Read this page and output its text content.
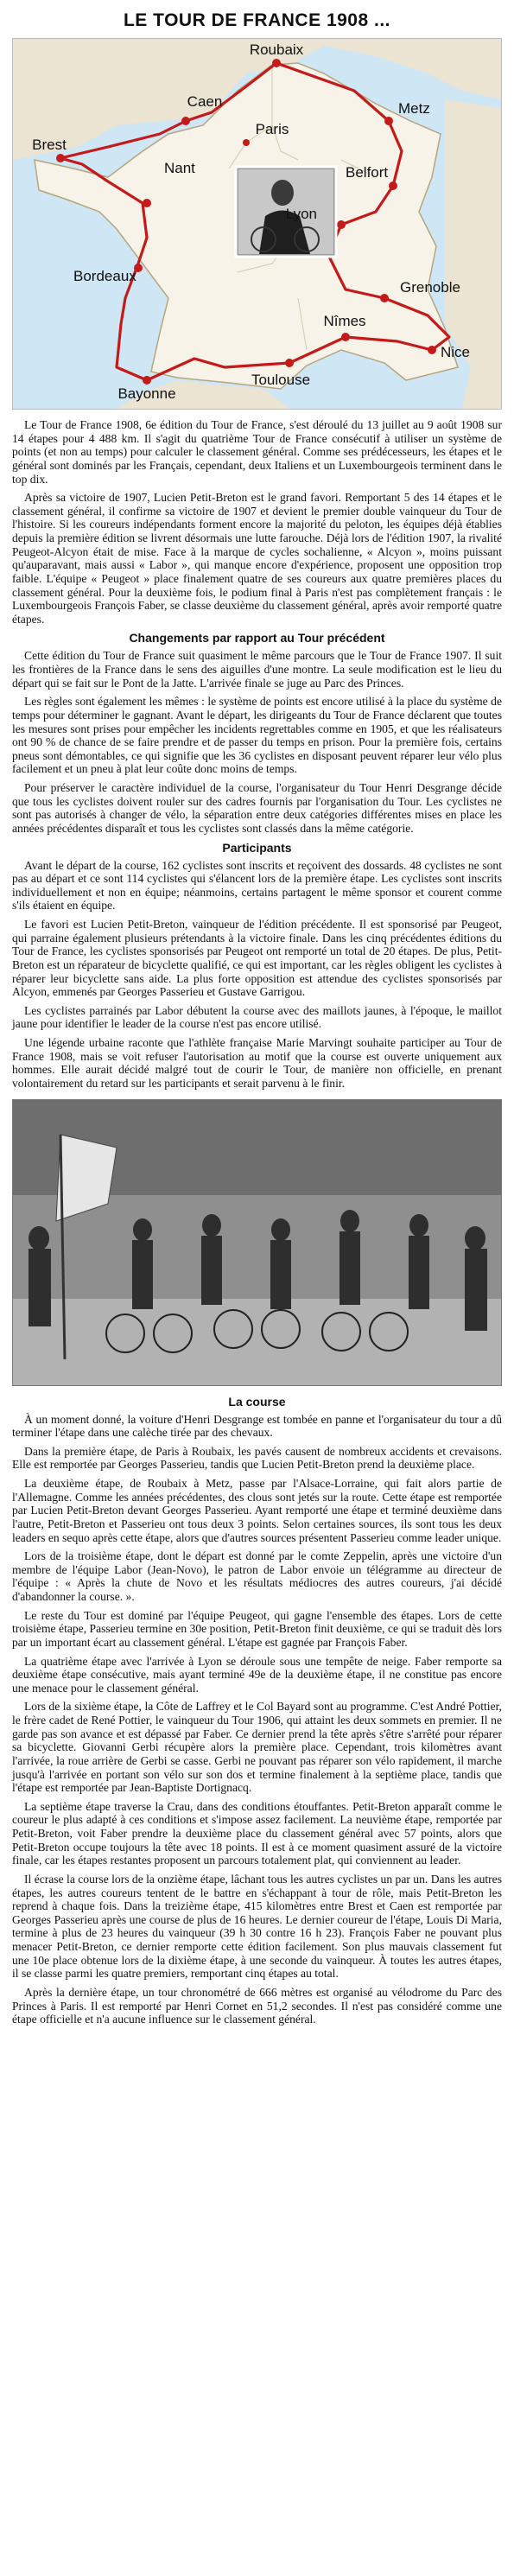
LE TOUR DE FRANCE 1908 ...
Roubaix
Caen
Brest
Paris
Metz
Nant	Belfort
Lyon
Grenoble
Bordeaux
Nîmes
Nice
Toulouse
Bayonne

Le Tour de France 1908, 6e édition du Tour de France, s'est déroulé du 13 juillet au 9 août 1908 sur 14 étapes pour 4 488 km. Il s'agit du quatrième Tour de France consécutif à utiliser un système de points (et non au temps) pour calculer le classement général. Comme ses prédécesseurs, les étapes et le général sont dominés par les Français, cependant, deux Italiens et un Luxembourgeois terminent dans le top dix.

Après sa victoire de 1907, Lucien Petit-Breton est le grand favori. Remportant 5 des 14 étapes et le classement général, il confirme sa victoire de 1907 et devient le premier double vainqueur du Tour de l'histoire. Si les coureurs indépendants forment encore la majorité du peloton, les équipes déjà établies depuis la première édition se livrent désormais une lutte farouche. Déjà lors de l'édition 1907, la rivalité Peugeot-Alcyon était de mise. Face à la marque de cycles sochalienne, « Alcyon », moins puissant qu'auparavant, mais aussi « Labor », qui manque encore d'expérience, proposent une opposition trop faible. L'équipe « Peugeot » place finalement quatre de ses coureurs aux quatre premières places du classement général. Pour la deuxième fois, le podium final à Paris n'est pas complètement français : le Luxembourgeois François Faber, se classe deuxième du classement général, après avoir remporté quatre étapes.

Changements par rapport au Tour précédent

Cette édition du Tour de France suit quasiment le même parcours que le Tour de France 1907. Il suit les frontières de la France dans le sens des aiguilles d'une montre. La seule modification est le lieu du départ qui se fait sur le Pont de la Jatte. L'arrivée finale se juge au Parc des Princes.

Les règles sont également les mêmes : le système de points est encore utilisé à la place du système de temps pour déterminer le gagnant. Avant le départ, les dirigeants du Tour de France déclarent que toutes les mesures sont prises pour empêcher les incidents regrettables comme en 1905, et que les réalisateurs ont 90 % de chance de se faire prendre et de passer du temps en prison. Pour la première fois, certains pneus sont démontables, ce qui signifie que les 36 cyclistes en disposant peuvent réparer leur vélo plus facilement et un pneu à plat leur coûte donc moins de temps.

Pour préserver le caractère individuel de la course, l'organisateur du Tour Henri Desgrange décide que tous les cyclistes doivent rouler sur des cadres fournis par l'organisation du Tour. Les cyclistes ne sont pas autorisés à changer de vélo, la séparation entre deux catégories différentes mises en place les années précédentes disparaît et tous les cyclistes sont classés dans la même catégorie.

Participants

Avant le départ de la course, 162 cyclistes sont inscrits et reçoivent des dossards. 48 cyclistes ne sont pas au départ et ce sont 114 cyclistes qui s'élancent lors de la première étape. Les cyclistes sont inscrits individuellement et non en équipe; néanmoins, certains partagent le même sponsor et courent comme s'ils étaient en équipe.

Le favori est Lucien Petit-Breton, vainqueur de l'édition précédente. Il est sponsorisé par Peugeot, qui parraine également plusieurs prétendants à la victoire finale. Dans les cinq précédentes éditions du Tour de France, les cyclistes sponsorisés par Peugeot ont remporté un total de 20 étapes. De plus, Petit-Breton est un réparateur de bicyclette qualifié, ce qui est important, car les règles obligent les cyclistes à réparer leur bicyclette sans aide. La plus forte opposition est attendue des cyclistes sponsorisés par Alcyon, emmenés par Georges Passerieu et Gustave Garrigou.

Les cyclistes parrainés par Labor débutent la course avec des maillots jaunes, à l'époque, le maillot jaune pour identifier le leader de la course n'est pas encore utilisé.

Une légende urbaine raconte que l'athlète française Marie Marvingt souhaite participer au Tour de France 1908, mais se voit refuser l'autorisation au motif que la course est ouverte uniquement aux hommes. Elle aurait décidé malgré tout de courir le Tour, de manière non officielle, en prenant volontairement du retard sur les participants et serait parvenu à le finir.

La course

À un moment donné, la voiture d'Henri Desgrange est tombée en panne et l'organisateur du tour a dû terminer l'étape dans une calèche tirée par des chevaux.

Dans la première étape, de Paris à Roubaix, les pavés causent de nombreux accidents et crevaisons. Elle est remportée par Georges Passerieu, tandis que Lucien Petit-Breton prend la deuxième place.

La deuxième étape, de Roubaix à Metz, passe par l'Alsace-Lorraine, qui fait alors partie de l'Allemagne. Comme les années précédentes, des clous sont jetés sur la route. Cette étape est remportée par Lucien Petit-Breton devant Georges Passerieu. Ayant remporté une étape et terminé deuxième dans l'autre, Petit-Breton et Passerieu ont tous deux 3 points. Selon certaines sources, ils sont tous les deux leaders en sequo après cette étape, alors que d'autres sources présentent Passerieu comme leader unique.

Lors de la troisième étape, dont le départ est donné par le comte Zeppelin, après une victoire d'un membre de l'équipe Labor (Jean-Novo), le patron de Labor envoie un télégramme au directeur de l'équipe : « Après la chute de Novo et les résultats médiocres des autres coureurs, j'ai décidé d'abandonner la course. ».

Le reste du Tour est dominé par l'équipe Peugeot, qui gagne l'ensemble des étapes. Lors de cette troisième étape, Passerieu termine en 30e position, Petit-Breton finit deuxième, ce qui se traduit dès lors par un important écart au classement général. L'étape est gagnée par François Faber.

La quatrième étape avec l'arrivée à Lyon se déroule sous une tempête de neige. Faber remporte sa deuxième étape consécutive, mais ayant terminé 49e de la deuxième étape, il ne constitue pas encore une menace pour le classement général.

Lors de la sixième étape, la Côte de Laffrey et le Col Bayard sont au programme. C'est André Pottier, le frère cadet de René Pottier, le vainqueur du Tour 1906, qui attaint les deux sommets en premier. Il ne garde pas son avance et est dépassé par Faber. Ce dernier prend la tête après s'être s'arrêté pour réparer sa bicyclette. Giovanni Gerbi récupère alors la première place. Cependant, trois kilomètres avant l'arrivée, la roue arrière de Gerbi se casse. Gerbi ne pouvant pas réparer son vélo rapidement, il marche jusqu'à l'arrivée en portant son vélo sur son dos et termine finalement à la septième place, tandis que l'étape est remportée par Jean-Baptiste Dortignacq.

La septième étape traverse la Crau, dans des conditions étouffantes. Petit-Breton apparaît comme le coureur le plus adapté à ces conditions et s'impose assez facilement. La neuvième étape, remportée par Petit-Breton, voit Faber prendre la deuxième place du classement général avec 57 points, alors que Petit-Breton occupe toujours la tête avec 18 points. Il est à ce moment quasiment assuré de la victoire finale, car les étapes restantes proposent un parcours totalement plat, qui conviennent au leader.

Il écrase la course lors de la onzième étape, lâchant tous les autres cyclistes un par un. Dans les autres étapes, les autres coureurs tentent de le battre en s'échappant à tour de rôle, mais Petit-Breton les reprend à chaque fois. Dans la treizième étape, 415 kilomètres entre Brest et Caen est remportée par Georges Passerieu après une course de plus de 16 heures. Le dernier coureur de l'étape, Louis Di Maria, termine à plus de 23 heures du vainqueur (39 h 30 contre 16 h 23). François Faber ne pouvant plus menacer Petit-Breton, ce dernier remporte cette édition facilement. Son plus mauvais classement fut une 10e place obtenue lors de la dixième étape, à une seconde du vainqueur. À toutes les autres étapes, il se classe parmi les quatre premiers, remportant cinq étapes au total.

Après la dernière étape, un tour chronométré de 666 mètres est organisé au vélodrome du Parc des Princes à Paris. Il est remporté par Henri Cornet en 51,2 secondes. Il n'est pas considéré comme une étape officielle et n'a aucune influence sur le classement général.
